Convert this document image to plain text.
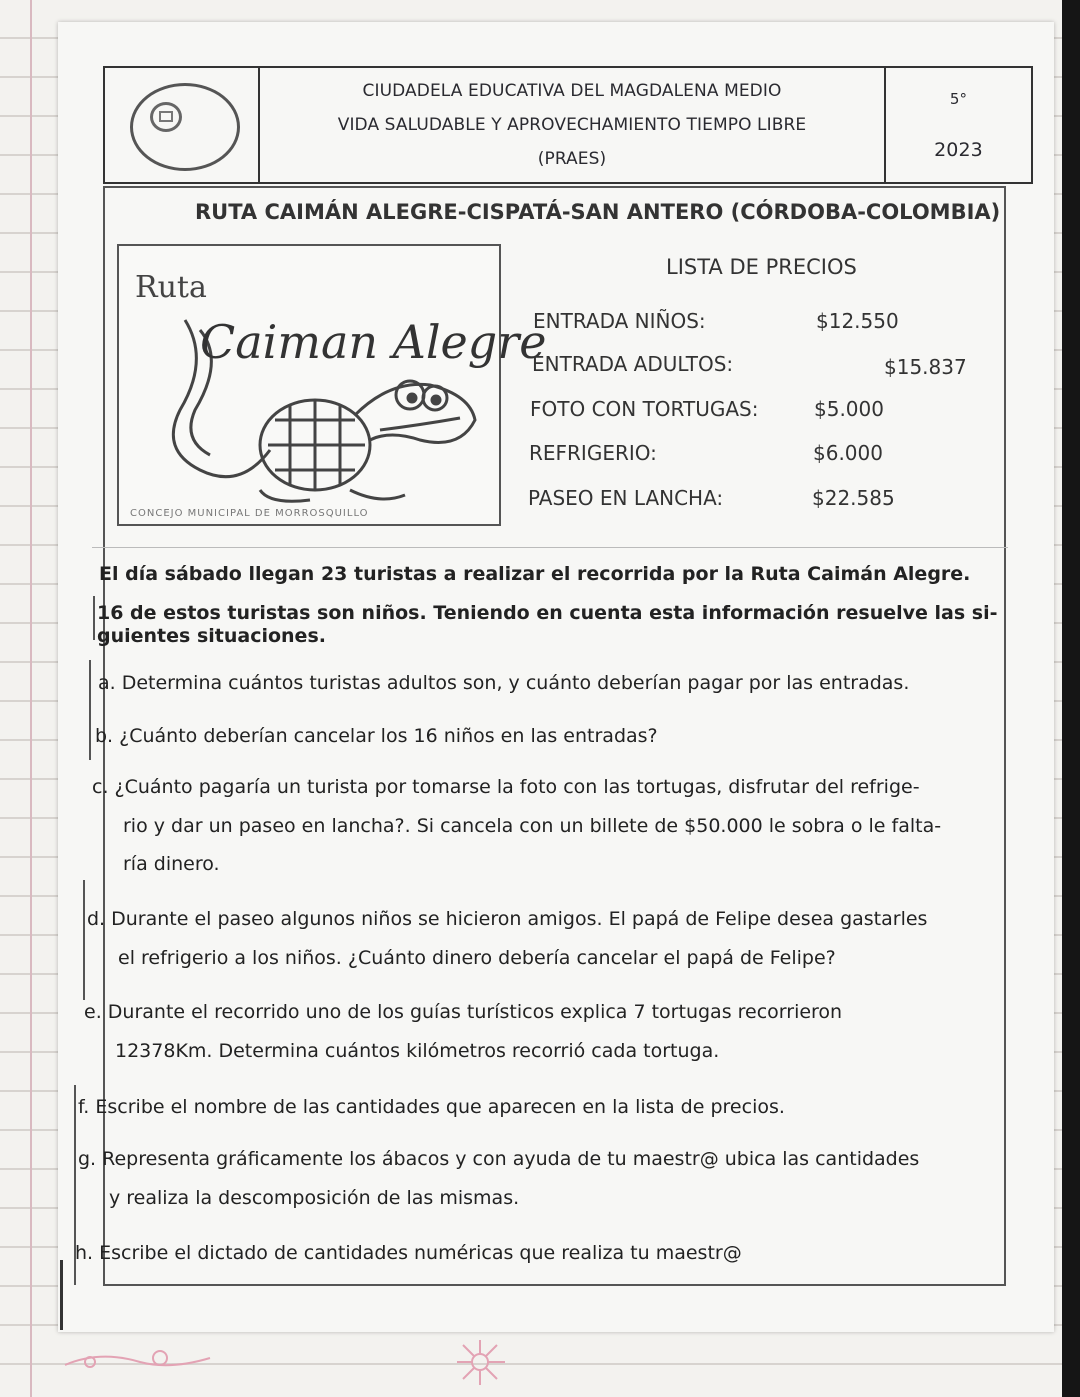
CIUDADELA EDUCATIVA DEL MAGDALENA MEDIO
VIDA SALUDABLE Y APROVECHAMIENTO TIEMPO LIBRE
(PRAES)
5°
2023
RUTA CAIMÁN ALEGRE-CISPATÁ-SAN ANTERO (CÓRDOBA-COLOMBIA)
Ruta
Caiman Alegre
CONCEJO MUNICIPAL DE MORROSQUILLO
LISTA DE PRECIOS
ENTRADA NIÑOS:	$12.550
ENTRADA ADULTOS:	$15.837
FOTO CON TORTUGAS:	$5.000
REFRIGERIO:	$6.000
PASEO EN LANCHA:	$22.585
El día sábado llegan 23 turistas a realizar el recorrida por la Ruta Caimán Alegre.
16 de estos turistas son niños. Teniendo en cuenta esta información resuelve las si-
guientes situaciones.
a. Determina cuántos turistas adultos son, y cuánto deberían pagar por las entradas.
b. ¿Cuánto deberían cancelar los 16 niños en las entradas?
c. ¿Cuánto pagaría un turista por tomarse la foto con las tortugas, disfrutar del refrige-
rio y dar un paseo en lancha?. Si cancela con un billete de $50.000 le sobra o le falta-
ría dinero.
d. Durante el paseo algunos niños se hicieron amigos. El papá de Felipe desea gastarles
el refrigerio a los niños. ¿Cuánto dinero debería cancelar el papá de Felipe?
e. Durante el recorrido uno de los guías turísticos explica 7 tortugas recorrieron
12378Km. Determina cuántos kilómetros recorrió cada tortuga.
f. Escribe el nombre de las cantidades que aparecen en la lista de precios.
g. Representa gráficamente los ábacos y con ayuda de tu maestr@ ubica las cantidades
y realiza la descomposición de las mismas.
h. Escribe el dictado de cantidades numéricas que realiza tu maestr@
